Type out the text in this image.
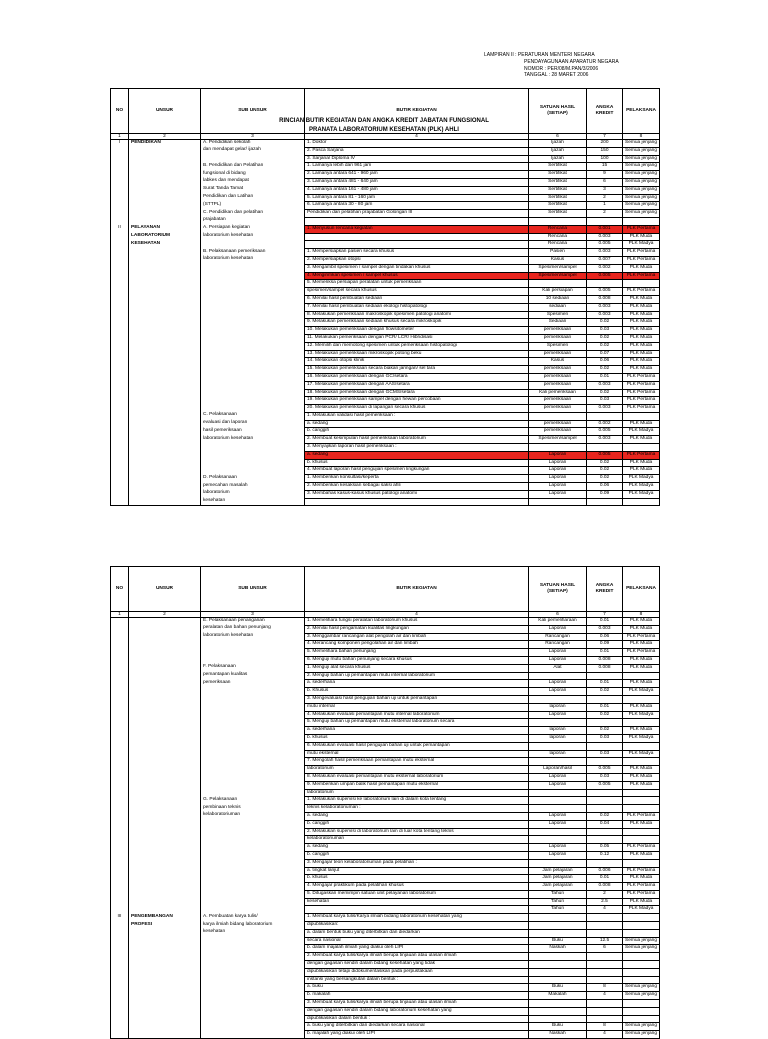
LAMPIRAN II : PERATURAN MENTERI NEGARA
PENDAYAGUNAAN APARATUR NEGARA
NOMOR : PER/08/M.PAN/3/2006
TANGGAL : 28 MARET 2006
RINCIAN BUTIR KEGIATAN DAN ANGKA KREDIT JABATAN FUNGSIONAL
PRANATA LABORATORIUM KESEHATAN (PLK) AHLI
NO	UNSUR	SUB UNSUR	BUTIR KEGIATAN	SATUAN HASIL (SETIAP)	ANGKA KREDIT	PELAKSANA
1	2	3	4	6	7	8
I	PENDIDIKAN	A. Pendidikan sekolah	1. Doktor	Ijazah	200	Semua jenjang
		dan mendapat gelar/ ijazah	2. Pasca Sarjana	Ijazah	150	Semua jenjang
			3. Sarjana/ Diploma IV	Ijazah	100	Semua jenjang
		B. Pendidikan dan Pelatihan	1. Lamanya lebih dari 961 jam	Sertifikat	15	Semua jenjang
		fungsional di bidang	2. Lamanya antara 641 - 960 jam	Sertifikat	9	Semua jenjang
		labkes dan mendapat	3. Lamanya antara 481 - 640 jam	Sertifikat	6	Semua jenjang
		Surat Tanda Tamat	4. Lamanya antara 161 - 480 jam	Sertifikat	3	Semua jenjang
		Pendidikan dan Latihan	5. Lamanya antara 81 - 160 jam	Sertifikat	2	Semua jenjang
		(STTPL)	6. Lamanya antara 30 - 80 jam	Sertifikat	1	Semua jenjang
		C. Pendidikan dan pelatihan	Pendidikan dan pelatihan prajabatan Golongan III	Sertifikat	2	Semua jenjang
		prajabatan				
II	PELAYANAN	A. Persiapan kegiatan	1. Menyusun rencana kegiatan	Rencana	0.001	PLK Pertama
	LABORATORIUM	laboratorium kesehatan		Rencana	0.003	PLK Muda
	KESEHATAN			Rencana	0.005	PLK Madya
		B. Pelaksanaan pemeriksaan	1. Mempersiapkan pasien secara khusus	Pasien	0.003	PLK Pertama
		laboratorium kesehatan	2. Mempersiapkan otopsi	Kasus	0.007	PLK Pertama
			3. Mengambil spesimen / sampel dengan tindakan khusus	Spesimen/sampel	0.002	PLK Muda
			4. Mengirimkan spesimen / sampel khusus	Spesimen/sampel	0.005	PLK Pertama
			5. Memeriksa persiapan peralatan untuk pemeriksaan			
			spesimen/sampel secara khusus	Kali persiapan	0.005	PLK Pertama
			6. Menilai hasil pembuatan sediaan	10 sediaan	0.008	PLK Muda
			7. Menilai hasil pembuatan sediaan ekologi histopatologi	sediaan	0.003	PLK Muda
			8. Melakukan pemeriksaan makroskopik spesimen patologi anatomi	Spesimen	0.003	PLK Muda
			9. Melakukan pemeriksaan sediaan khusus secara mikroskopik	Sediaan	0.02	PLK Muda
			10. Melakukan pemeriksaan dengan flowsitometer	pemeriksaan	0.03	PLK Muda
			11. Melakukan pemeriksaan dengan PCR/ LCR/ Hibridisasi	pemeriksaan	0.02	PLK Muda
			12. Memilih dan memotong spesimen untuk pemeriksaan histopatologi	Spesimen	0.02	PLK Muda
			13. Melakukan pemeriksaan mikroskopik potong beku	pemeriksaan	0.07	PLK Muda
			14. Melakukan otopsi klinik	Kasus	0.06	PLK Muda
			15. Melakukan pemeriksaan secara biakan jaringan/ sel tara	pemeriksaan	0.02	PLK Muda
			16. Melakukan pemeriksaan dengan GC/setara	pemeriksaan	0.01	PLK Pertama
			17. Melakukan pemeriksaan dengan AAS/setara	pemeriksaan	0.003	PLK Pertama
			18. Melakukan pemeriksaan dengan GCMS/setara	Kali pemeriksaan	0.02	PLK Pertama
			19. Melakukan pemeriksaan sampel dengan hewan percobaan	pemeriksaan	0.03	PLK Pertama
			20. Melakukan pemeriksaan di lapangan secara khusus	pemeriksaan	0.003	PLK Pertama
		C. Pelaksanaan	1. Melakukan validasi hasil pemeriksaan :			
		evaluasi dan laporan	a. sedang	pemeriksaan	0.002	PLK Muda
		hasil pemeriksaan	b. canggih	pemeriksaan	0.005	PLK Madya
		laboratorium kesehatan	2. Membuat kesimpulan hasil pemeriksaan laboratorium	Spesimen/sampel	0.003	PLK Muda
			3. Menyajikan laporan hasil pemeriksaan :			
			a. sedang	Laporan	0.005	PLK Pertama
			b. khusus	Laporan	0.02	PLK Muda
			4. Membuat laporan hasil pengujian spesimen lingkungan	Laporan	0.02	PLK Muda
		D. Pelaksanaan	1. Memberikan konsultasi/keperta	Laporan	0.02	PLK Madya
		pemecahan masalah	2. Memberikan kesaksian sebagai saksi ahli	Laporan	0.06	PLK Madya
		laboratorium	3. Membahas kasus-kasus khusus patologi anatomi	Laporan	0.09	PLK Madya
		kesehatan				
NO	UNSUR	SUB UNSUR	BUTIR KEGIATAN	SATUAN HASIL (SETIAP)	ANGKA KREDIT	PELAKSANA
1	2	3	4	6	7	8
		E. Pelaksanaan penanganan	1. Memelihara fungsi peralatan laboratorium khusus	Kali pemeliharaan	0.01	PLK Muda
		peralatan dan bahan penunjang	2. Menilai hasil pengamatan kualitas lingkungan	Laporan	0.003	PLK Muda
		laboratorium kesehatan	3. Menggambar rancangan alat pengolah air dan limbah	Rancangan	0.06	PLK Pertama
			4. Merancang komponen pengolahan air dan limbah	Rancangan	0.09	PLK Muda
			5. Memelihara bahan penunjang	Laporan	0.01	PLK Pertama
			6. Menguji mutu bahan penunjang secara khusus	Laporan	0.008	PLK Muda
		F. Pelaksanaan	1. Menguji alat secara khusus	Alat	0.008	PLK Muda
		pemantapan kualitas	2. Menguji bahan uji pemantapan mutu internal laboratorium			
		pemeriksaan	a. sederhana	Laporan	0.01	PLK Muda
			b. Khusus	Laporan	0.02	PLK Madya
			3. Mengevaluasi hasil pengujian bahan uji untuk pemantapan			
			mutu internal	laporan	0.01	PLK Muda
			4. Melakukan evaluasi pemantapan mutu internal laboratorium	Laporan	0.02	PLK Madya
			5. Menguji bahan uji pemantapan mutu eksternal laboratorium secara			
			a. sederhana	laporan	0.02	PLK Muda
			b. khusus	laporan	0.03	PLK Madya
			6. Melakukan evaluasi hasil pengujian bahan uji untuk pemantapan			
			mutu eksternal	laporan	0.03	PLK Madya
			7. Mengolah hasil pemeriksaan pemantapan mutu eksternal			
			laboratorium	Laporan/hasil	0.005	PLK Muda
			8. Melakukan evaluasi pemantapan mutu eksternal laboratorium	Laporan	0.03	PLK Muda
			9. Memberikan umpan balik hasil pemantapan mutu eksternal	Laporan	0.005	PLK Muda
			laboratorium			
		G. Pelaksanaan	1. Melakukan supervisi ke laboratorium lain di dalam kota tentang			
		pembinaan teknis	teknis kelaboratoriuman :			
		kelaboratoriuman	a. sedang	Laporan	0.02	PLK Pertama
			b. canggih	Laporan	0.04	PLK Muda
			2. Melakukan supervisi di laboratorium lain di luar kota tentang teknis			
			kelaboratoriuman			
			a. sedang	Laporan	0.05	PLK Pertama
			b. canggih	Laporan	0.12	PLK Muda
			3. Mengajar teori kelaboratoriuman pada pelatihan :			
			a. tingkat lanjut	Jam pelajaran	0.006	PLK Pertama
			b. khusus	Jam pelajaran	0.01	PLK Muda
			4. Mengajar praktikum pada pelatihan khusus	Jam pelajaran	0.008	PLK Pertama
			5. Ditugaskan memimpin satuan unit pelayanan laboratorium	Tahun	2	PLK Pertama
			kesehatan	Tahun	2.5	PLK Muda
				Tahun	4	PLK Madya
III	PENGEMBANGAN	A. Pembuatan karya tulis/	1. Membuat karya tulis/Karya ilmiah bidang laboratorium kesehatan yang			
	PROFESI	karya ilmiah bidang laboratorium	dipublikasikan:			
		kesehatan	a. dalam bentuk buku yang diterbitkan dan diedarkan			
			secara nasional	Buku	12.5	Semua jenjang
			b. dalam majalah ilmiah yang diakui oleh LIPI	Naskah	6	Semua jenjang
			2. Membuat karya tulis/karya ilmiah berupa tinjauan atau ulasan ilmiah			
			dengan gagasan sendiri dalam bidang kesehatan yang tidak			
			dipublikasikan tetapi didokumentasikan pada perpustakaan			
			instansi yang bersangkutan dalam bentuk :			
			a. buku	Buku	8	Semua jenjang
			b. makalah	Makalah	4	Semua jenjang
			3. Membuat karya tulis/karya ilmiah berupa tinjauan atau ulasan ilmiah			
			dengan gagasan sendiri dalam bidang laboratorium kesehatan yang			
			dipublikasikan dalam bentuk :			
			a. buku yang diterbitkan dan diedarkan secara nasional	Buku	8	Semua jenjang
			b. majalah yang diakui oleh LIPI	Naskah	4	Semua jenjang
